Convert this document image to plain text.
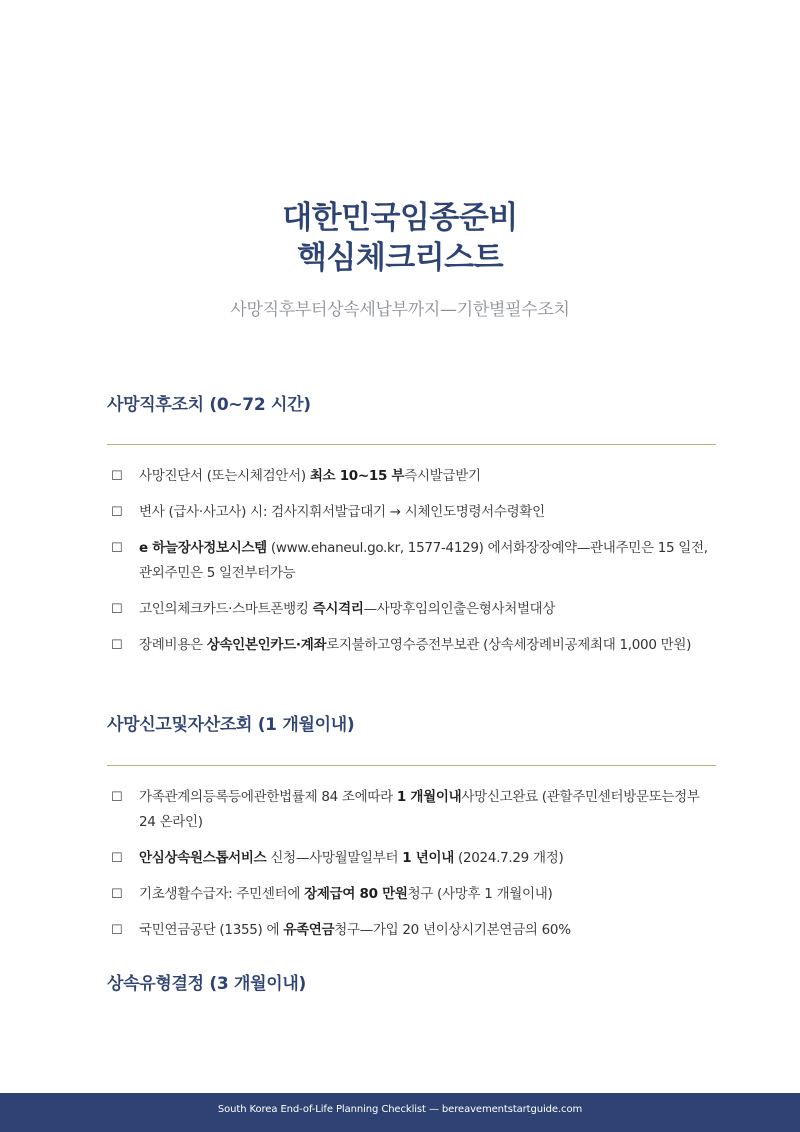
대한민국임종준비
핵심체크리스트
사망직후부터상속세납부까지—기한별필수조치
사망직후조치 (0~72 시간)
☐	사망진단서 (또는시체검안서) 최소 10~15 부즉시발급받기
☐	변사 (급사·사고사) 시: 검사지휘서발급대기 → 시체인도명령서수령확인
☐	e 하늘장사정보시스템 (www.ehaneul.go.kr, 1577-4129) 에서화장장예약—관내주민은 15 일전, 관외주민은 5 일전부터가능
☐	고인의체크카드·스마트폰뱅킹 즉시격리—사망후임의인출은형사처벌대상
☐	장례비용은 상속인본인카드·계좌로지불하고영수증전부보관 (상속세장례비공제최대 1,000 만원)
사망신고및자산조회 (1 개월이내)
☐	가족관계의등록등에관한법률제 84 조에따라 1 개월이내사망신고완료 (관할주민센터방문또는정부 24 온라인)
☐	안심상속원스톱서비스 신청—사망월말일부터 1 년이내 (2024.7.29 개정)
☐	기초생활수급자: 주민센터에 장제급여 80 만원청구 (사망후 1 개월이내)
☐	국민연금공단 (1355) 에 유족연금청구—가입 20 년이상시기본연금의 60%
상속유형결정 (3 개월이내)
South Korea End-of-Life Planning Checklist — bereavementstartguide.com
